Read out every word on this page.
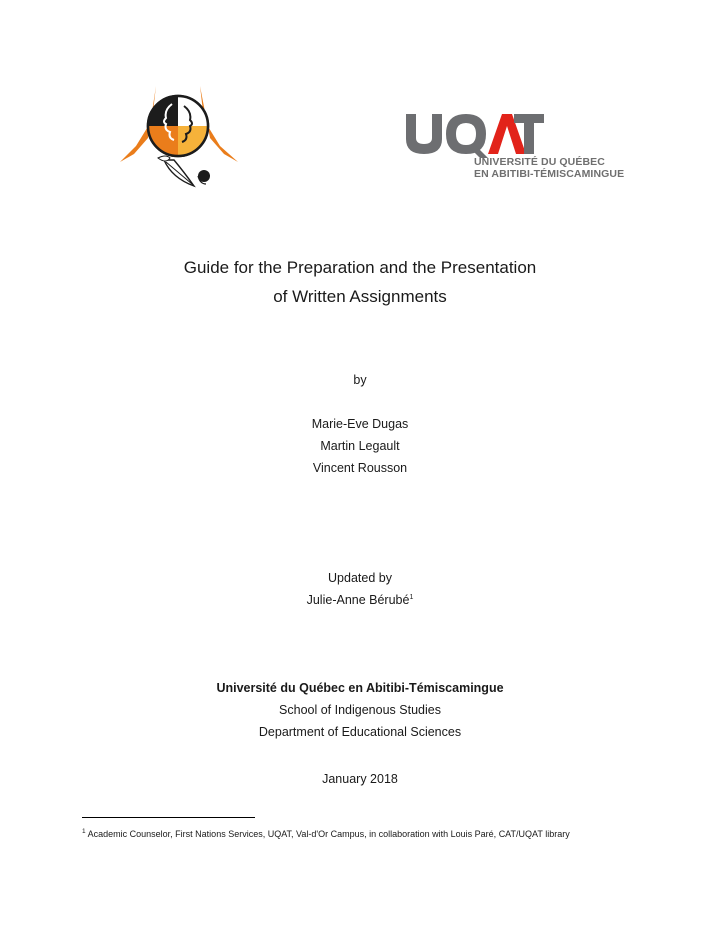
UNIVERSITÉ DU QUÉBEC
EN ABITIBI-TÉMISCAMINGUE
Guide for the Preparation and the Presentation
of Written Assignments
by
Marie-Eve Dugas
Martin Legault
Vincent Rousson
Updated by
Julie-Anne Bérubé$^1$
Université du Québec en Abitibi-Témiscamingue
School of Indigenous Studies
Department of Educational Sciences
January 2018
$^1$ Academic Counselor, First Nations Services, UQAT, Val-d'Or Campus, in collaboration with Louis Paré, CAT/UQAT library
